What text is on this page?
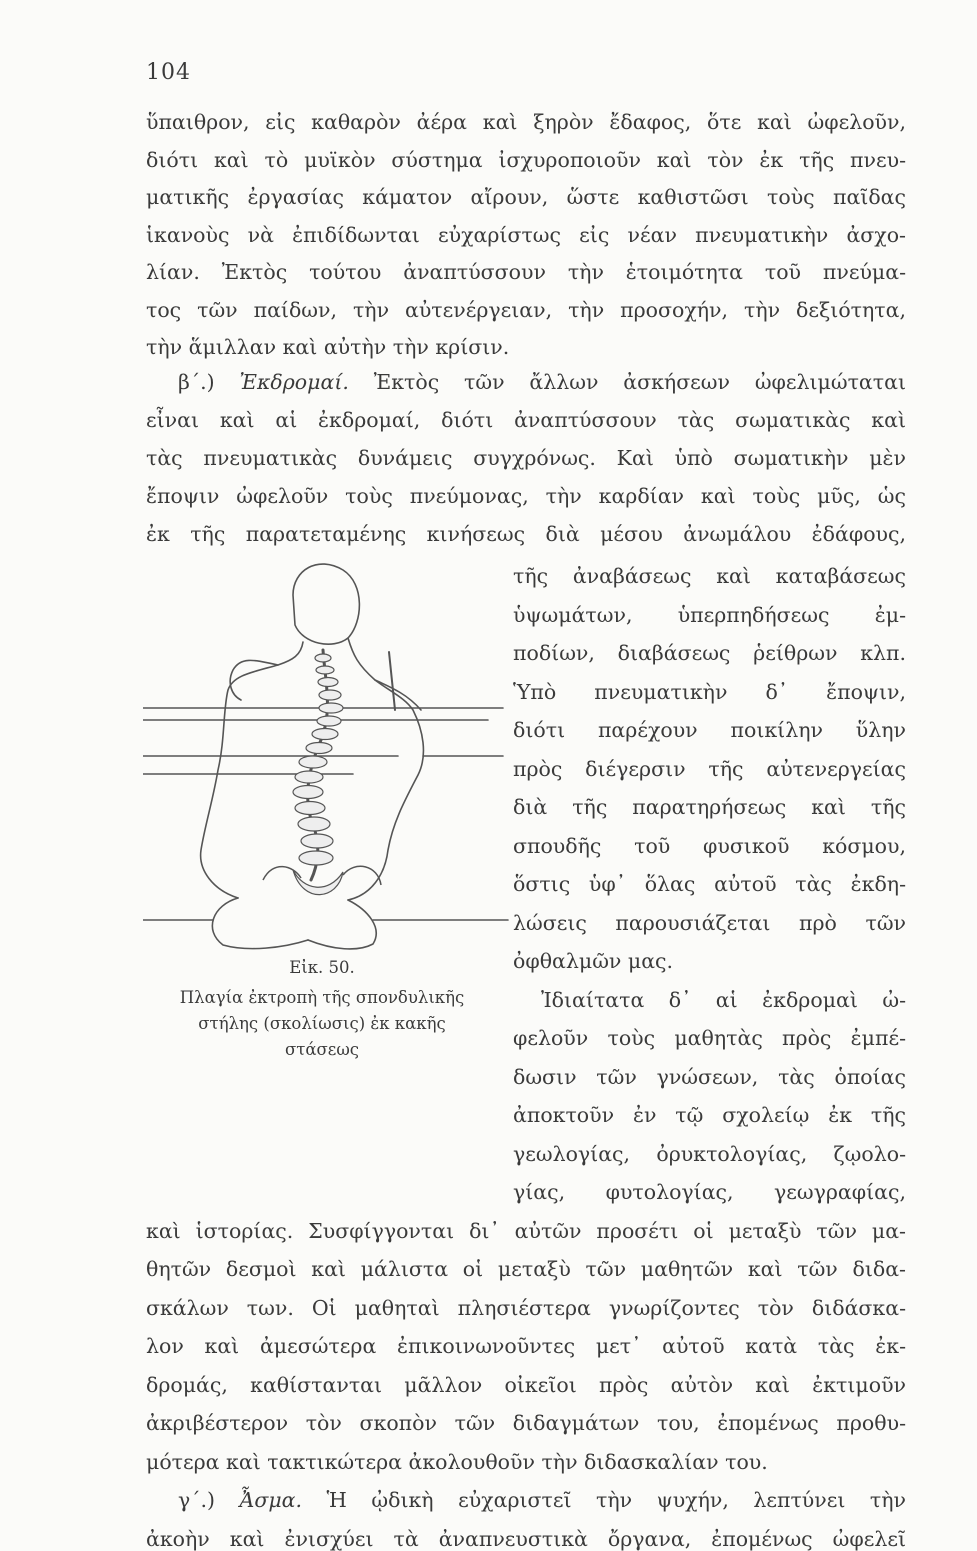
104
ὕπαιθρον, εἰς καθαρὸν ἀέρα καὶ ξηρὸν ἔδαφος, ὅτε καὶ ὠφελοῦν,
διότι καὶ τὸ μυϊκὸν σύστημα ἰσχυροποιοῦν καὶ τὸν ἐκ τῆς πνευ-
ματικῆς ἐργασίας κάματον αἴρουν, ὥστε καθιστῶσι τοὺς παῖδας
ἱκανοὺς νὰ ἐπιδίδωνται εὐχαρίστως εἰς νέαν πνευματικὴν ἀσχο-
λίαν. Ἐκτὸς τούτου ἀναπτύσσουν τὴν ἑτοιμότητα τοῦ πνεύμα-
τος τῶν παίδων, τὴν αὐτενέργειαν, τὴν προσοχήν, τὴν δεξιότητα,
τὴν ἅμιλλαν καὶ αὐτὴν τὴν κρίσιν.
β΄.) Ἐκδρομαί. Ἐκτὸς τῶν ἄλλων ἀσκήσεων ὠφελιμώταται
εἶναι καὶ αἱ ἐκδρομαί, διότι ἀναπτύσσουν τὰς σωματικὰς καὶ
τὰς πνευματικὰς δυνάμεις συγχρόνως. Καὶ ὑπὸ σωματικὴν μὲν
ἔποψιν ὠφελοῦν τοὺς πνεύμονας, τὴν καρδίαν καὶ τοὺς μῦς, ὡς
ἐκ τῆς παρατεταμένης κινήσεως διὰ μέσου ἀνωμάλου ἐδάφους,
τῆς ἀναβάσεως καὶ καταβάσεως
ὑψωμάτων, ὑπερπηδήσεως ἐμ-
ποδίων, διαβάσεως ῥείθρων κλπ.
Ὑπὸ πνευματικὴν δ᾽ ἔποψιν,
διότι παρέχουν ποικίλην ὕλην
πρὸς διέγερσιν τῆς αὐτενεργείας
διὰ τῆς παρατηρήσεως καὶ τῆς
σπουδῆς τοῦ φυσικοῦ κόσμου,
ὅστις ὑφ᾽ ὅλας αὐτοῦ τὰς ἐκδη-
λώσεις παρουσιάζεται πρὸ τῶν
ὀφθαλμῶν μας.
Ἰδιαίτατα δ᾽ αἱ ἐκδρομαὶ ὠ-
φελοῦν τοὺς μαθητὰς πρὸς ἐμπέ-
δωσιν τῶν γνώσεων, τὰς ὁποίας
ἀποκτοῦν ἐν τῷ σχολείῳ ἐκ τῆς
γεωλογίας, ὀρυκτολογίας, ζῳολο-
γίας, φυτολογίας, γεωγραφίας,
Εἰκ. 50.
Πλαγία ἐκτροπὴ τῆς σπονδυλικῆς
στήλης (σκολίωσις) ἐκ κακῆς
στάσεως
καὶ ἱστορίας. Συσφίγγονται δι᾽ αὐτῶν προσέτι οἱ μεταξὺ τῶν μα-
θητῶν δεσμοὶ καὶ μάλιστα οἱ μεταξὺ τῶν μαθητῶν καὶ τῶν διδα-
σκάλων των. Οἱ μαθηταὶ πλησιέστερα γνωρίζοντες τὸν διδάσκα-
λον καὶ ἀμεσώτερα ἐπικοινωνοῦντες μετ᾽ αὐτοῦ κατὰ τὰς ἐκ-
δρομάς, καθίστανται μᾶλλον οἰκεῖοι πρὸς αὐτὸν καὶ ἐκτιμοῦν
ἀκριβέστερον τὸν σκοπὸν τῶν διδαγμάτων του, ἐπομένως προθυ-
μότερα καὶ τακτικώτερα ἀκολουθοῦν τὴν διδασκαλίαν του.
γ΄.) Ἆσμα. Ἡ ᾠδικὴ εὐχαριστεῖ τὴν ψυχήν, λεπτύνει τὴν
ἀκοὴν καὶ ἐνισχύει τὰ ἀναπνευστικὰ ὄργανα, ἐπομένως ὠφελεῖ
